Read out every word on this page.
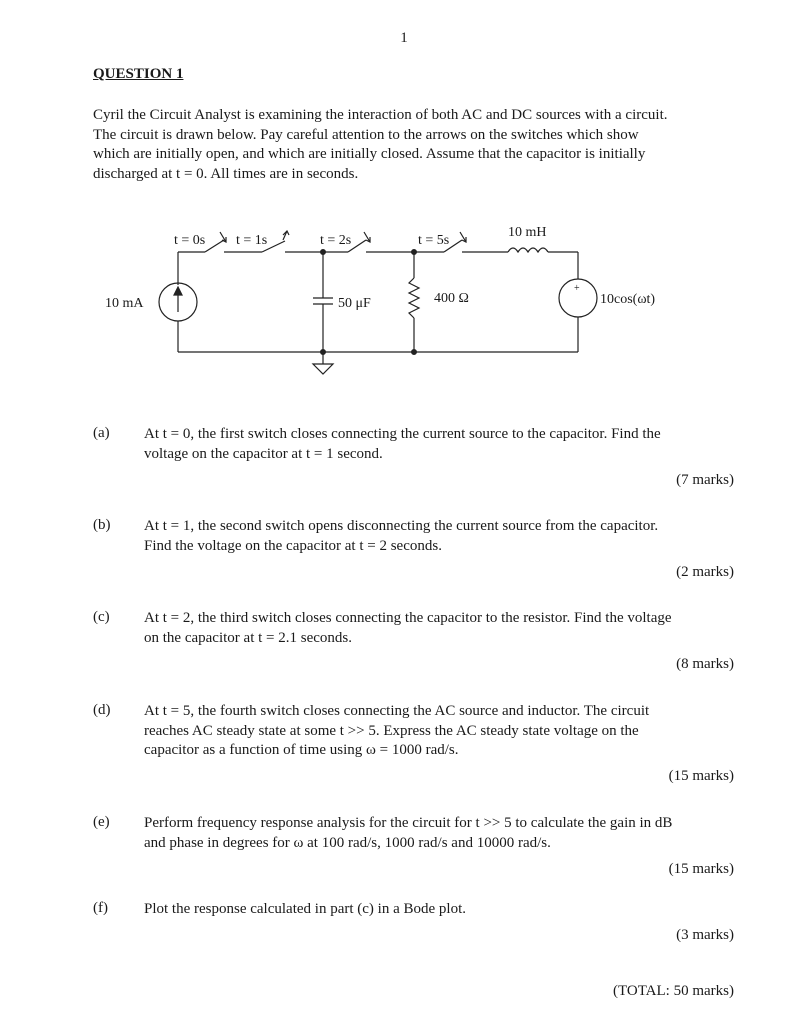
1
QUESTION 1
Cyril the Circuit Analyst is examining the interaction of both AC and DC sources with a circuit.
The circuit is drawn below. Pay careful attention to the arrows on the switches which show
which are initially open, and which are initially closed. Assume that the capacitor is initially
discharged at t = 0. All times are in seconds.
t = 0s t = 1s	t = 2s	t = 5s
10 mH
10 mA	50 μF	400 Ω	10cos(ωt)
+
(a) At t = 0, the first switch closes connecting the current source to the capacitor. Find the
voltage on the capacitor at t = 1 second.
(7 marks)
(b) At t = 1, the second switch opens disconnecting the current source from the capacitor.
Find the voltage on the capacitor at t = 2 seconds.
(2 marks)
(c) At t = 2, the third switch closes connecting the capacitor to the resistor. Find the voltage
on the capacitor at t = 2.1 seconds.
(8 marks)
(d) At t = 5, the fourth switch closes connecting the AC source and inductor. The circuit
reaches AC steady state at some t >> 5. Express the AC steady state voltage on the
capacitor as a function of time using ω = 1000 rad/s.
(15 marks)
(e) Perform frequency response analysis for the circuit for t >> 5 to calculate the gain in dB
and phase in degrees for ω at 100 rad/s, 1000 rad/s and 10000 rad/s.
(15 marks)
(f) Plot the response calculated in part (c) in a Bode plot.
(3 marks)
(TOTAL: 50 marks)
